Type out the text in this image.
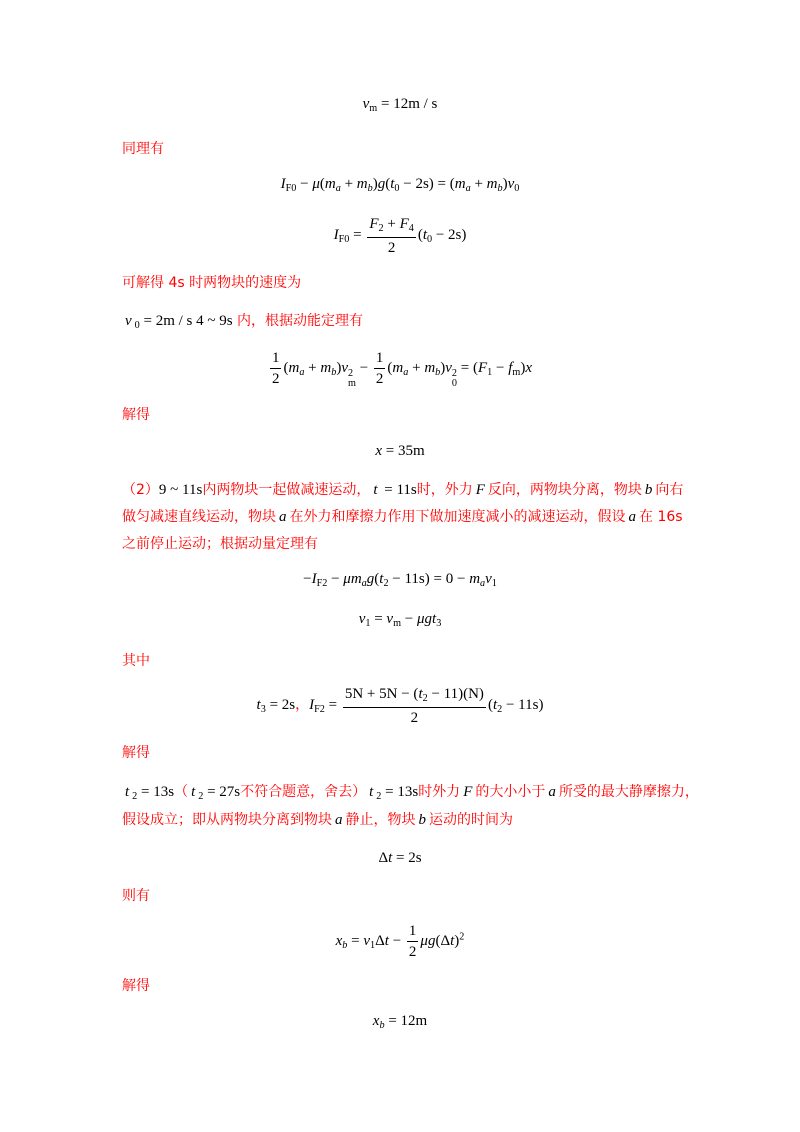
$v_m = 12m / s$
同理有
$I_{F0} - \mu(m_a + m_b)g(t_0 - 2s) = (m_a + m_b)v_0$
$I_{F0} = \frac{F_2 + F_4}{2} (t_0 - 2s)$
可解得 4s 时两物块的速度为
v $_0$ = 2m / s 4 ~ 9s 内，根据动能定理有
$\frac{1}{2} (m_a + m_b)v$ 2
m
− $\frac{1}{2} (m_a + m_b)v$ 2
0
= $(F_1 - f_m)x$
解得
x = 35m
（2）9 ~ 11s内两物块一起做减速运动， t = 11s时，外力 F 反向，两物块分离，物块 b 向右
做匀减速直线运动，物块 a 在外力和摩擦力作用下做加速度减小的减速运动，假设 a 在 16s
之前停止运动；根据动量定理有
$-I_{F2} - \mu m_ag(t_2 - 11s) = 0 - m_av_1$
$v_1 = v_m - \mu gt_3$
其中
$t_3 = 2s$，$I_{F2} = \frac{5N + 5N - (t_2 - 11)(N)}{2} (t_2 - 11s)$
解得
t $_2$ = 13s（ t $_2$ = 27s不符合题意，舍去） t $_2$ = 13s时外力 F 的大小小于 a 所受的最大静摩擦力，
假设成立；即从两物块分离到物块 a 静止，物块 b 运动的时间为
Δt = 2s
则有
$x_b = v_1\Delta t - \frac{1}{2} \mu g(\Delta t)^2$
解得
$x_b = 12m$
